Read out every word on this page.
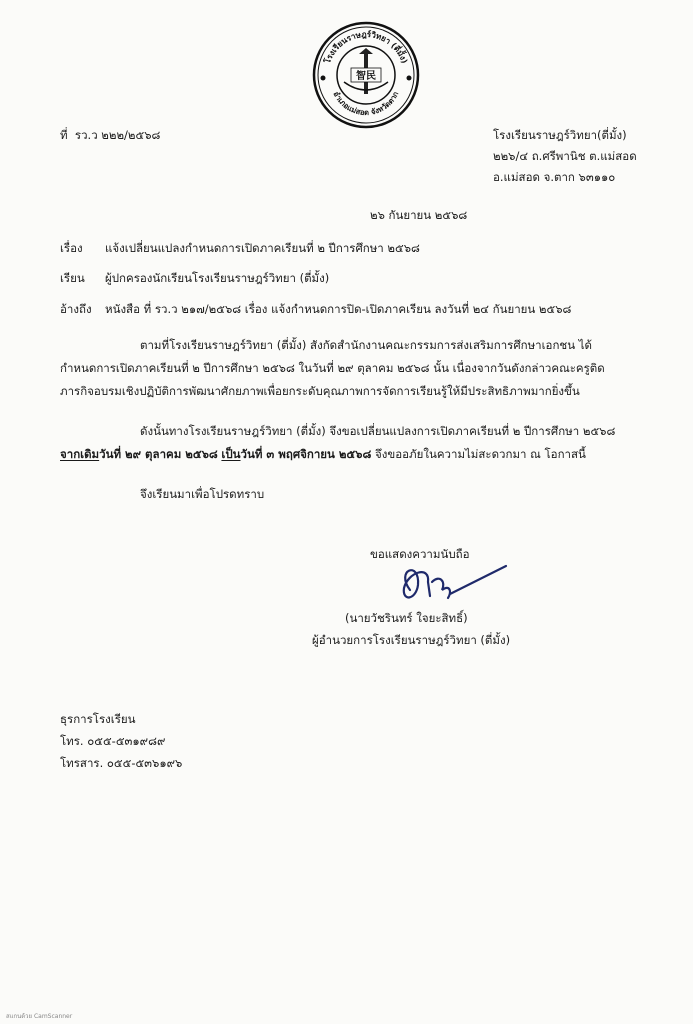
โรงเรียนราษฎร์วิทยา (ตี่มั้ง)
อำเภอแม่สอด จังหวัดตาก
智民
ที่ รว.ว ๒๒๒/๒๕๖๘	โรงเรียนราษฎร์วิทยา(ตี่มั้ง)
๒๒๖/๔ ถ.ศรีพานิช ต.แม่สอด
อ.แม่สอด จ.ตาก ๖๓๑๑๐
๒๖ กันยายน ๒๕๖๘
เรื่อง แจ้งเปลี่ยนแปลงกำหนดการเปิดภาคเรียนที่ ๒ ปีการศึกษา ๒๕๖๘
เรียน ผู้ปกครองนักเรียนโรงเรียนราษฎร์วิทยา (ตี่มั้ง)
อ้างถึง หนังสือ ที่ รว.ว ๒๑๗/๒๕๖๘ เรื่อง แจ้งกำหนดการปิด-เปิดภาคเรียน ลงวันที่ ๒๔ กันยายน ๒๕๖๘
ตามที่โรงเรียนราษฎร์วิทยา (ตี่มั้ง) สังกัดสำนักงานคณะกรรมการส่งเสริมการศึกษาเอกชน ได้
กำหนดการเปิดภาคเรียนที่ ๒ ปีการศึกษา ๒๕๖๘ ในวันที่ ๒๙ ตุลาคม ๒๕๖๘ นั้น เนื่องจากวันดังกล่าวคณะครูติด
ภารกิจอบรมเชิงปฏิบัติการพัฒนาศักยภาพเพื่อยกระดับคุณภาพการจัดการเรียนรู้ให้มีประสิทธิภาพมากยิ่งขึ้น
ดังนั้นทางโรงเรียนราษฎร์วิทยา (ตี่มั้ง) จึงขอเปลี่ยนแปลงการเปิดภาคเรียนที่ ๒ ปีการศึกษา ๒๕๖๘
จากเดิมวันที่ ๒๙ ตุลาคม ๒๕๖๘ เป็นวันที่ ๓ พฤศจิกายน ๒๕๖๘ จึงขออภัยในความไม่สะดวกมา ณ โอกาสนี้
จึงเรียนมาเพื่อโปรดทราบ
ขอแสดงความนับถือ
(นายวัชรินทร์ ใจยะสิทธิ์)
ผู้อำนวยการโรงเรียนราษฎร์วิทยา (ตี่มั้ง)
ธุรการโรงเรียน
โทร. ๐๕๕-๕๓๑๙๘๙
โทรสาร. ๐๕๕-๕๓๖๑๙๖
สแกนด้วย CamScanner
